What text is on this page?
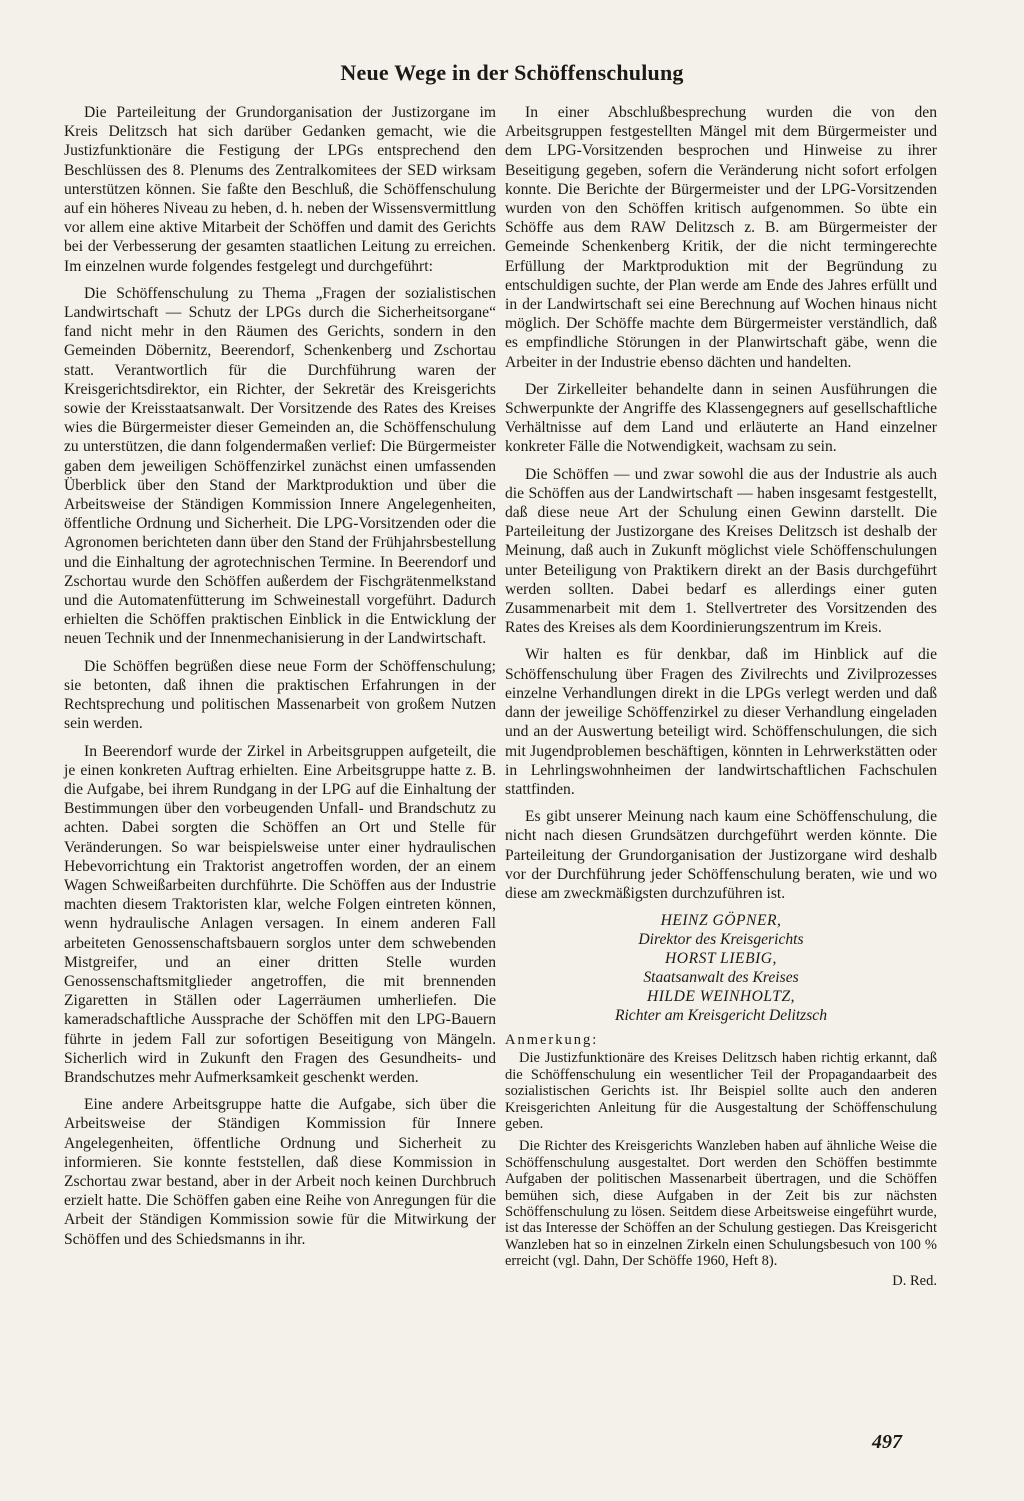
Neue Wege in der Schöffenschulung

Die Parteileitung der Grundorganisation der Justizorgane im Kreis Delitzsch hat sich darüber Gedanken gemacht, wie die Justizfunktionäre die Festigung der LPGs entsprechend den Beschlüssen des 8. Plenums des Zentralkomitees der SED wirksam unterstützen können. Sie faßte den Beschluß, die Schöffenschulung auf ein höheres Niveau zu heben, d. h. neben der Wissensvermittlung vor allem eine aktive Mitarbeit der Schöffen und damit des Gerichts bei der Verbesserung der gesamten staatlichen Leitung zu erreichen. Im einzelnen wurde folgendes festgelegt und durchgeführt:

Die Schöffenschulung zu Thema „Fragen der sozialistischen Landwirtschaft — Schutz der LPGs durch die Sicherheitsorgane“ fand nicht mehr in den Räumen des Gerichts, sondern in den Gemeinden Döbernitz, Beerendorf, Schenkenberg und Zschortau statt. Verantwortlich für die Durchführung waren der Kreisgerichtsdirektor, ein Richter, der Sekretär des Kreisgerichts sowie der Kreisstaatsanwalt. Der Vorsitzende des Rates des Kreises wies die Bürgermeister dieser Gemeinden an, die Schöffenschulung zu unterstützen, die dann folgendermaßen verlief: Die Bürgermeister gaben dem jeweiligen Schöffenzirkel zunächst einen umfassenden Überblick über den Stand der Marktproduktion und über die Arbeitsweise der Ständigen Kommission Innere Angelegenheiten, öffentliche Ordnung und Sicherheit. Die LPG-Vorsitzenden oder die Agronomen berichteten dann über den Stand der Frühjahrsbestellung und die Einhaltung der agrotechnischen Termine. In Beerendorf und Zschortau wurde den Schöffen außerdem der Fischgrätenmelkstand und die Automatenfütterung im Schweinestall vorgeführt. Dadurch erhielten die Schöffen praktischen Einblick in die Entwicklung der neuen Technik und der Innenmechanisierung in der Landwirtschaft.

Die Schöffen begrüßen diese neue Form der Schöffenschulung; sie betonten, daß ihnen die praktischen Erfahrungen in der Rechtsprechung und politischen Massenarbeit von großem Nutzen sein werden.

In Beerendorf wurde der Zirkel in Arbeitsgruppen aufgeteilt, die je einen konkreten Auftrag erhielten. Eine Arbeitsgruppe hatte z. B. die Aufgabe, bei ihrem Rundgang in der LPG auf die Einhaltung der Bestimmungen über den vorbeugenden Unfall- und Brandschutz zu achten. Dabei sorgten die Schöffen an Ort und Stelle für Veränderungen. So war beispielsweise unter einer hydraulischen Hebevorrichtung ein Traktorist angetroffen worden, der an einem Wagen Schweißarbeiten durchführte. Die Schöffen aus der Industrie machten diesem Traktoristen klar, welche Folgen eintreten können, wenn hydraulische Anlagen versagen. In einem anderen Fall arbeiteten Genossenschaftsbauern sorglos unter dem schwebenden Mistgreifer, und an einer dritten Stelle wurden Genossenschaftsmitglieder angetroffen, die mit brennenden Zigaretten in Ställen oder Lagerräumen umherliefen. Die kameradschaftliche Aussprache der Schöffen mit den LPG-Bauern führte in jedem Fall zur sofortigen Beseitigung von Mängeln. Sicherlich wird in Zukunft den Fragen des Gesundheits- und Brandschutzes mehr Aufmerksamkeit geschenkt werden.

Eine andere Arbeitsgruppe hatte die Aufgabe, sich über die Arbeitsweise der Ständigen Kommission für Innere Angelegenheiten, öffentliche Ordnung und Sicherheit zu informieren. Sie konnte feststellen, daß diese Kommission in Zschortau zwar bestand, aber in der Arbeit noch keinen Durchbruch erzielt hatte. Die Schöffen gaben eine Reihe von Anregungen für die Arbeit der Ständigen Kommission sowie für die Mitwirkung der Schöffen und des Schiedsmanns in ihr.

In einer Abschlußbesprechung wurden die von den Arbeitsgruppen festgestellten Mängel mit dem Bürgermeister und dem LPG-Vorsitzenden besprochen und Hinweise zu ihrer Beseitigung gegeben, sofern die Veränderung nicht sofort erfolgen konnte. Die Berichte der Bürgermeister und der LPG-Vorsitzenden wurden von den Schöffen kritisch aufgenommen. So übte ein Schöffe aus dem RAW Delitzsch z. B. am Bürgermeister der Gemeinde Schenkenberg Kritik, der die nicht termingerechte Erfüllung der Marktproduktion mit der Begründung zu entschuldigen suchte, der Plan werde am Ende des Jahres erfüllt und in der Landwirtschaft sei eine Berechnung auf Wochen hinaus nicht möglich. Der Schöffe machte dem Bürgermeister verständlich, daß es empfindliche Störungen in der Planwirtschaft gäbe, wenn die Arbeiter in der Industrie ebenso dächten und handelten.

Der Zirkelleiter behandelte dann in seinen Ausführungen die Schwerpunkte der Angriffe des Klassengegners auf gesellschaftliche Verhältnisse auf dem Land und erläuterte an Hand einzelner konkreter Fälle die Notwendigkeit, wachsam zu sein.

Die Schöffen — und zwar sowohl die aus der Industrie als auch die Schöffen aus der Landwirtschaft — haben insgesamt festgestellt, daß diese neue Art der Schulung einen Gewinn darstellt. Die Parteileitung der Justizorgane des Kreises Delitzsch ist deshalb der Meinung, daß auch in Zukunft möglichst viele Schöffenschulungen unter Beteiligung von Praktikern direkt an der Basis durchgeführt werden sollten. Dabei bedarf es allerdings einer guten Zusammenarbeit mit dem 1. Stellvertreter des Vorsitzenden des Rates des Kreises als dem Koordinierungszentrum im Kreis.

Wir halten es für denkbar, daß im Hinblick auf die Schöffenschulung über Fragen des Zivilrechts und Zivilprozesses einzelne Verhandlungen direkt in die LPGs verlegt werden und daß dann der jeweilige Schöffenzirkel zu dieser Verhandlung eingeladen und an der Auswertung beteiligt wird. Schöffenschulungen, die sich mit Jugendproblemen beschäftigen, könnten in Lehrwerkstätten oder in Lehrlingswohnheimen der landwirtschaftlichen Fachschulen stattfinden.

Es gibt unserer Meinung nach kaum eine Schöffenschulung, die nicht nach diesen Grundsätzen durchgeführt werden könnte. Die Parteileitung der Grundorganisation der Justizorgane wird deshalb vor der Durchführung jeder Schöffenschulung beraten, wie und wo diese am zweckmäßigsten durchzuführen ist.

HEINZ GÖPNER,
Direktor des Kreisgerichts
HORST LIEBIG,
Staatsanwalt des Kreises
HILDE WEINHOLTZ,
Richter am Kreisgericht Delitzsch
Anmerkung:

Die Justizfunktionäre des Kreises Delitzsch haben richtig erkannt, daß die Schöffenschulung ein wesentlicher Teil der Propagandaarbeit des sozialistischen Gerichts ist. Ihr Beispiel sollte auch den anderen Kreisgerichten Anleitung für die Ausgestaltung der Schöffenschulung geben.

Die Richter des Kreisgerichts Wanzleben haben auf ähnliche Weise die Schöffenschulung ausgestaltet. Dort werden den Schöffen bestimmte Aufgaben der politischen Massenarbeit übertragen, und die Schöffen bemühen sich, diese Aufgaben in der Zeit bis zur nächsten Schöffenschulung zu lösen. Seitdem diese Arbeitsweise eingeführt wurde, ist das Interesse der Schöffen an der Schulung gestiegen. Das Kreisgericht Wanzleben hat so in einzelnen Zirkeln einen Schulungsbesuch von 100 % erreicht (vgl. Dahn, Der Schöffe 1960, Heft 8).

D. Red.
497
